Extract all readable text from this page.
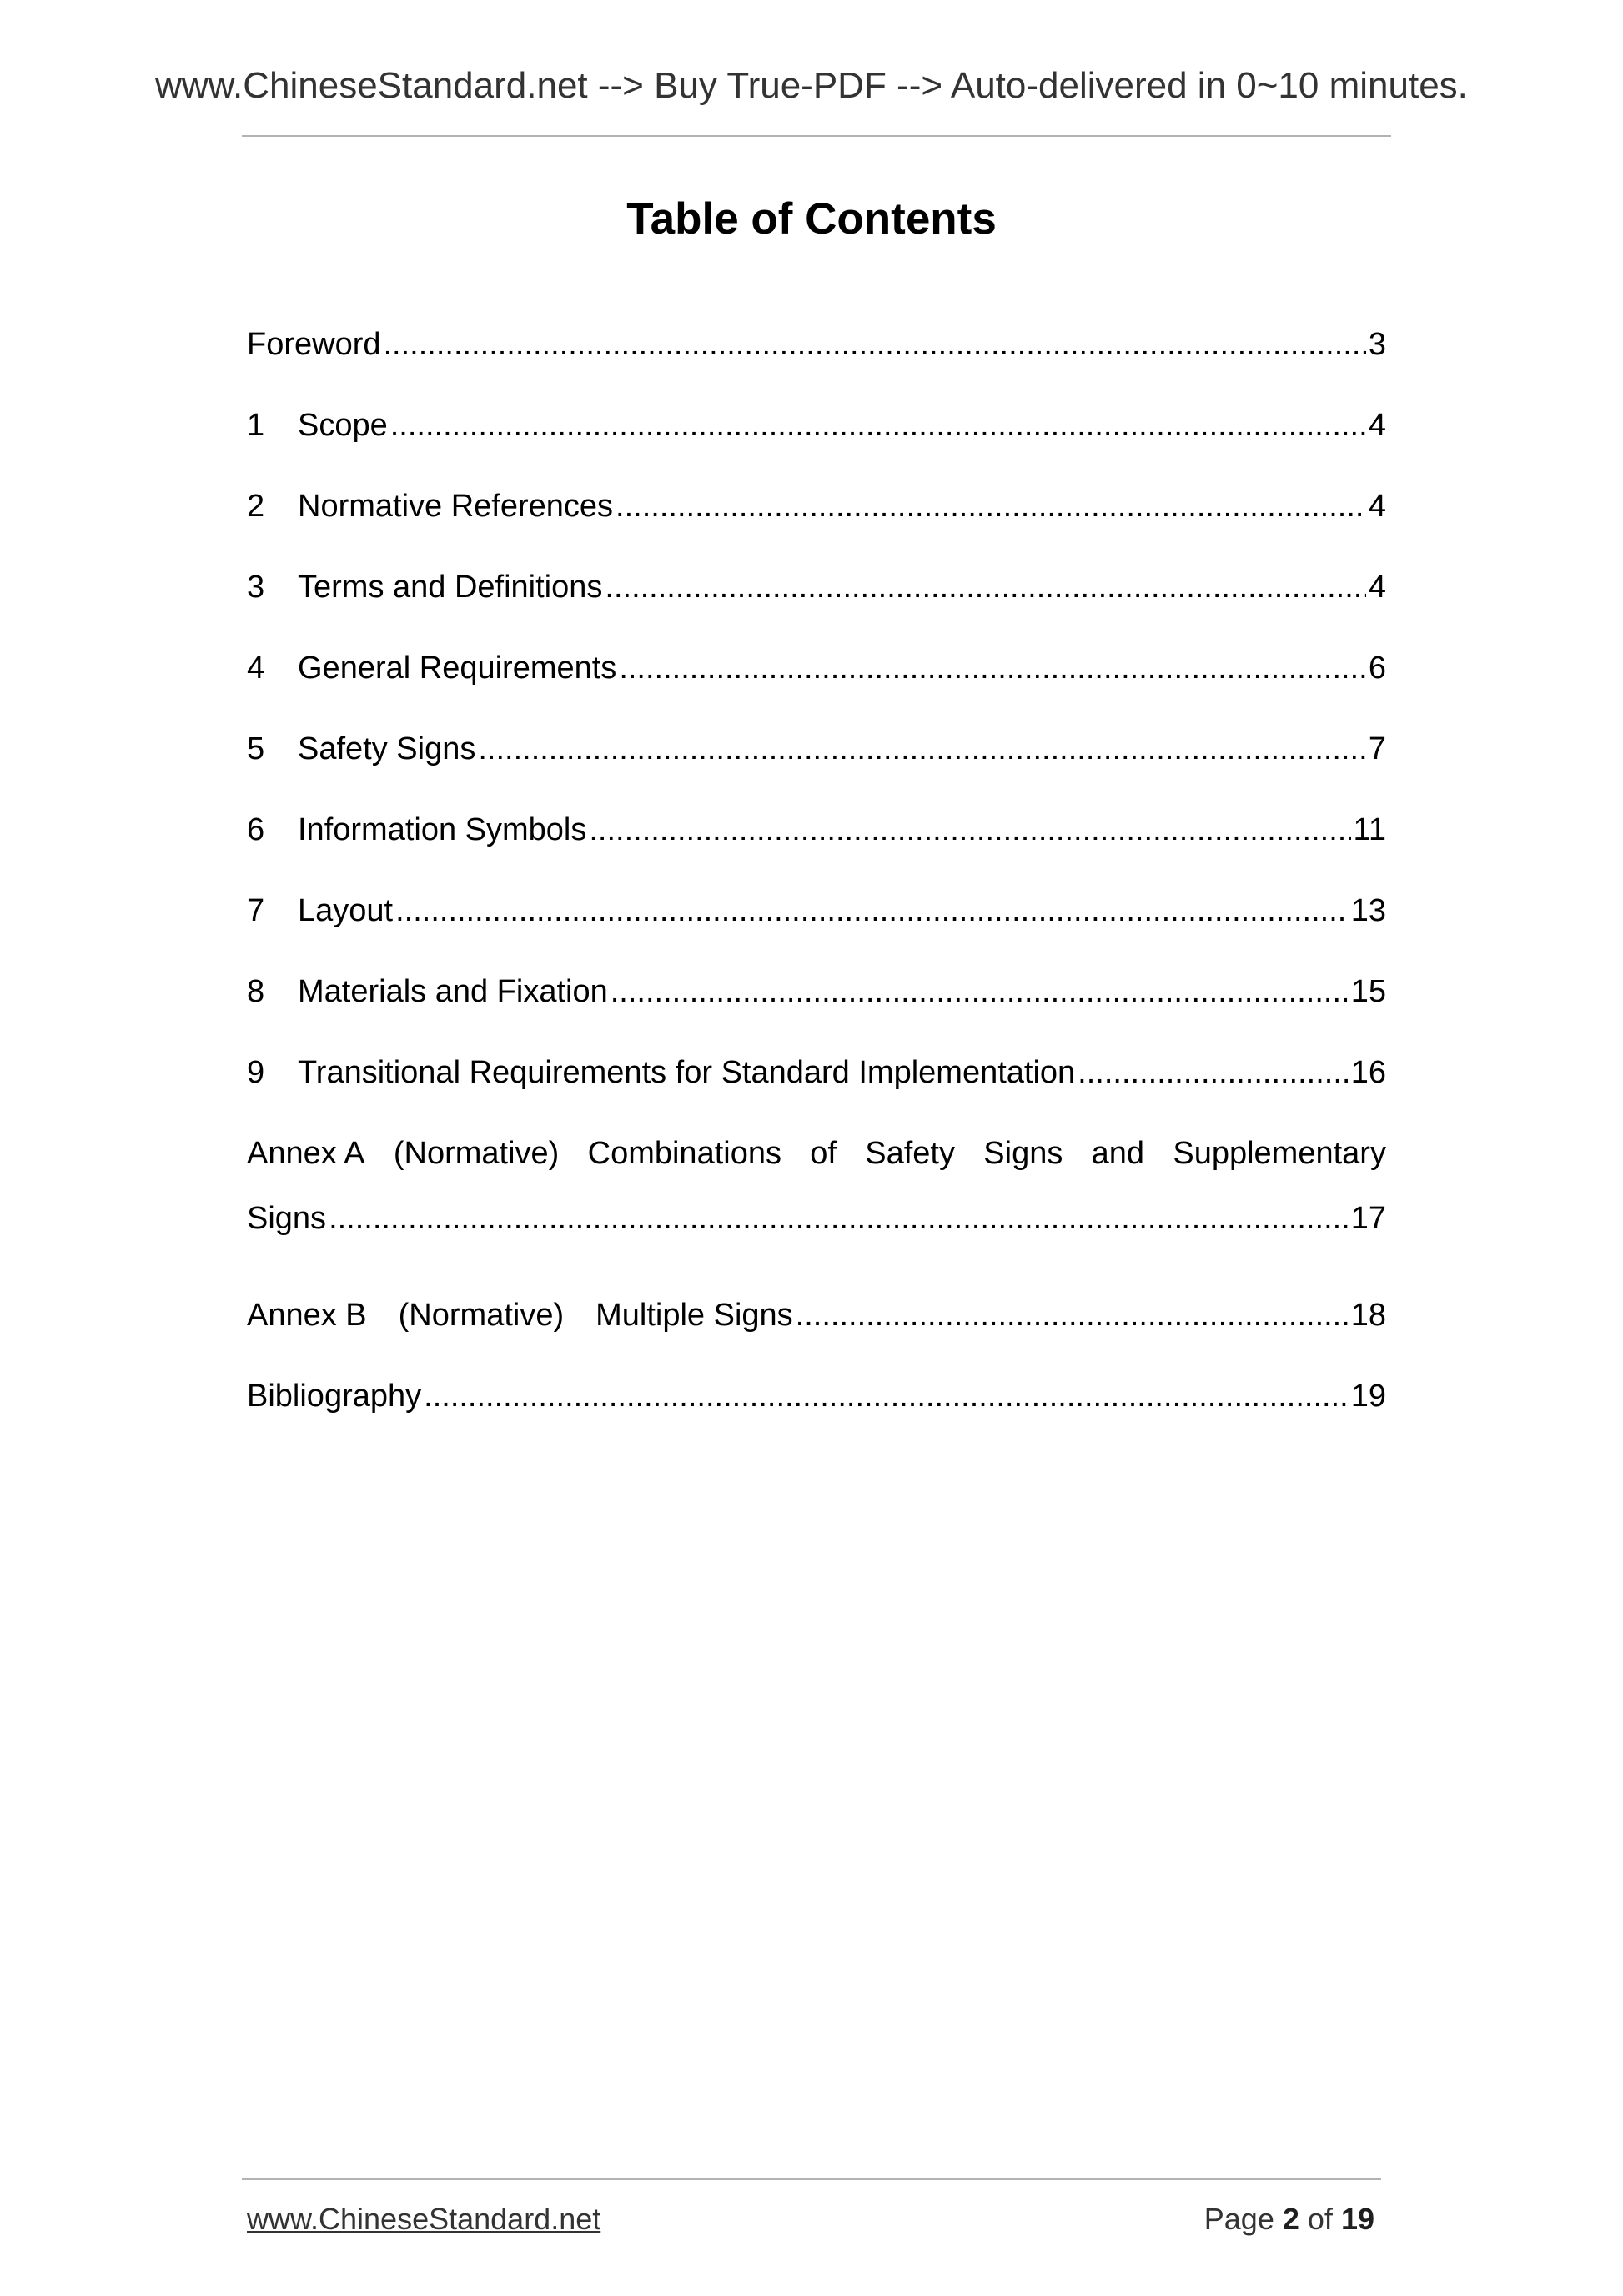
www.ChineseStandard.net --> Buy True-PDF --> Auto-delivered in 0~10 minutes.
Table of Contents
Foreword .....	3
1	Scope .....	4
2	Normative References .....	4
3	Terms and Definitions .....	4
4	General Requirements .....	6
5	Safety Signs .....	7
6	Information Symbols .....	11
7	Layout .....	13
8	Materials and Fixation .....	15
9	Transitional Requirements for Standard Implementation .....	16
Annex A (Normative) Combinations of Safety Signs and Supplementary
Signs .....	17
Annex B (Normative) Multiple Signs .....	18
Bibliography .....	19
www.ChineseStandard.net	Page 2 of 19
